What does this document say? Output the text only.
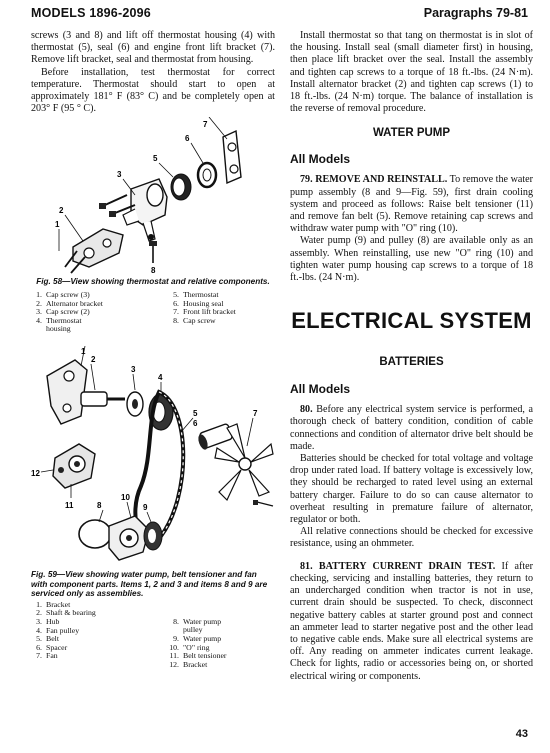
MODELS 1896-2096	Paragraphs 79-81

screws (3 and 8) and lift off thermostat housing (4) with thermostat (5), seal (6) and engine front lift bracket (7). Remove lift bracket, seal and thermostat from housing.

Before installation, test thermostat for correct temperature. Thermostat should start to open at approximately 181° F (83° C) and be completely open at 203° F (95 ° C).

7
6
5
3
2
1
8
Fig. 58—View showing thermostat and relative components.
1. Cap screw (3)
2. Alternator bracket
3. Cap screw (2)
4. Thermostat housing
5. Thermostat
6. Housing seal
7. Front lift bracket
8. Cap screw
1
2
3
4
5
6
7
12
11
10
9
8
Fig. 59—View showing water pump, belt tensioner and fan with component parts. Items 1, 2 and 3 and items 8 and 9 are serviced only as assemblies.
1. Bracket
2. Shaft & bearing
3. Hub
4. Fan pulley
5. Belt
6. Spacer
7. Fan
8. Water pump pulley
9. Water pump
10. "O" ring
11. Belt tensioner
12. Bracket

Install thermostat so that tang on thermostat is in slot of the housing. Install seal (small diameter first) in housing, then place lift bracket over the seal. Install the assembly and tighten cap screws to a torque of 18 ft.-lbs. (24 N·m). Install alternator bracket (2) and tighten cap screws (1) to 18 ft.-lbs. (24 N·m) torque. The balance of installation is the reverse of removal procedure.

WATER PUMP
All Models

79. REMOVE AND REINSTALL. To remove the water pump assembly (8 and 9—Fig. 59), first drain cooling system and proceed as follows: Raise belt tensioner (11) and remove fan belt (5). Remove retaining cap screws and withdraw water pump with "O" ring (10).

Water pump (9) and pulley (8) are available only as an assembly. When reinstalling, use new "O" ring (10) and tighten water pump housing cap screws to a torque of 18 ft.-lbs. (24 N·m).

ELECTRICAL SYSTEM
BATTERIES
All Models

80. Before any electrical system service is performed, a thorough check of battery condition, condition of cable connections and condition of alternator drive belt should be made.

Batteries should be checked for total voltage and voltage drop under rated load. If battery voltage is excessively low, they should be recharged to rated level using an external battery charger. Failure to do so can cause alternator to overheat resulting in premature failure of alternator, regulator or both.

All relative connections should be checked for excessive resistance, using an ohmmeter.

81. BATTERY CURRENT DRAIN TEST. If after checking, servicing and installing batteries, they return to an undercharged condition when tractor is not in use, current drain should be suspected. To check, disconnect negative battery cables at starter ground post and connect an ammeter lead to starter negative post and the other lead to negative cable ends. Make sure all electrical systems are off. Any reading on ammeter indicates current leakage. Check for lights, radio or accessories being on, or shorted electrical wiring or components.

43
